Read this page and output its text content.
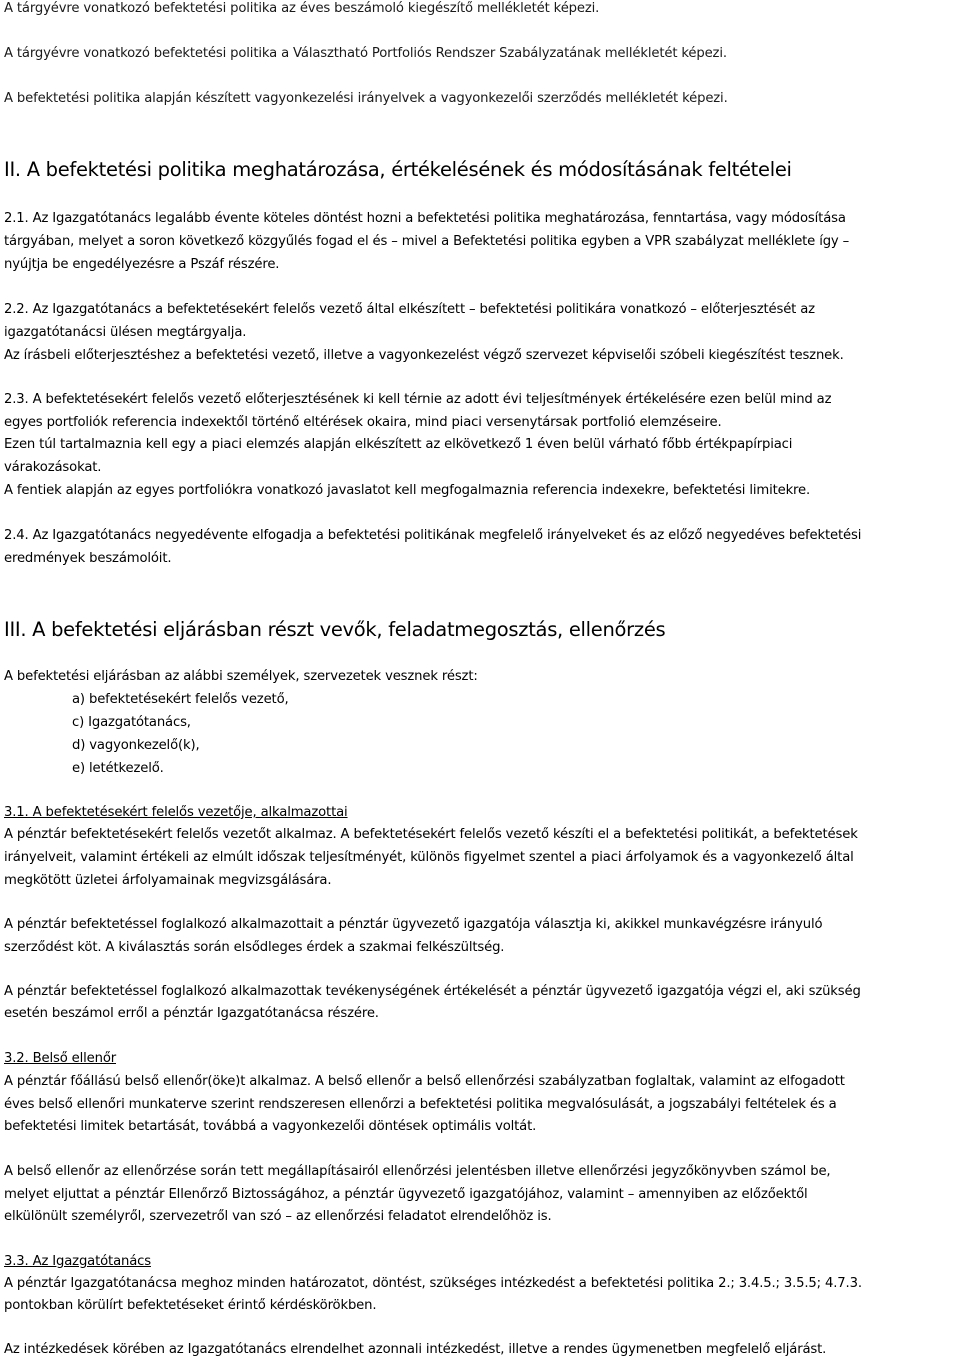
A tárgyévre vonatkozó befektetési politika az éves beszámoló kiegészítő mellékletét képezi.

A tárgyévre vonatkozó befektetési politika a Választható Portfoliós Rendszer Szabályzatának mellékletét képezi.

A befektetési politika alapján készített vagyonkezelési irányelvek a vagyonkezelői szerződés mellékletét képezi.

II. A befektetési politika meghatározása, értékelésének és módosításának feltételei

2.1. Az Igazgatótanács legalább évente köteles döntést hozni a befektetési politika meghatározása, fenntartása, vagy módosítása

tárgyában, melyet a soron következő közgyűlés fogad el és – mivel a Befektetési politika egyben a VPR szabályzat melléklete így –

nyújtja be engedélyezésre a Pszáf részére.

2.2. Az Igazgatótanács a befektetésekért felelős vezető által elkészített – befektetési politikára vonatkozó – előterjesztését az

igazgatótanácsi ülésen megtárgyalja.

Az írásbeli előterjesztéshez a befektetési vezető, illetve a vagyonkezelést végző szervezet képviselői szóbeli kiegészítést tesznek.

2.3. A befektetésekért felelős vezető előterjesztésének ki kell térnie az adott évi teljesítmények értékelésére ezen belül mind az

egyes portfoliók referencia indexektől történő eltérések okaira, mind piaci versenytársak portfolió elemzéseire.

Ezen túl tartalmaznia kell egy a piaci elemzés alapján elkészített az elkövetkező 1 éven belül várható főbb értékpapírpiaci

várakozásokat.

A fentiek alapján az egyes portfoliókra vonatkozó javaslatot kell megfogalmaznia referencia indexekre, befektetési limitekre.

2.4. Az Igazgatótanács negyedévente elfogadja a befektetési politikának megfelelő irányelveket és az előző negyedéves befektetési

eredmények beszámolóit.

III. A befektetési eljárásban részt vevők, feladatmegosztás, ellenőrzés

A befektetési eljárásban az alábbi személyek, szervezetek vesznek részt:

a) befektetésekért felelős vezető,

c) Igazgatótanács,

d) vagyonkezelő(k),

e) letétkezelő.

3.1. A befektetésekért felelős vezetője, alkalmazottai

A pénztár befektetésekért felelős vezetőt alkalmaz. A befektetésekért felelős vezető készíti el a befektetési politikát, a befektetések

irányelveit, valamint értékeli az elmúlt időszak teljesítményét, különös figyelmet szentel a piaci árfolyamok és a vagyonkezelő által

megkötött üzletei árfolyamainak megvizsgálására.

A pénztár befektetéssel foglalkozó alkalmazottait a pénztár ügyvezető igazgatója választja ki, akikkel munkavégzésre irányuló

szerződést köt. A kiválasztás során elsődleges érdek a szakmai felkészültség.

A pénztár befektetéssel foglalkozó alkalmazottak tevékenységének értékelését a pénztár ügyvezető igazgatója végzi el, aki szükség

esetén beszámol erről a pénztár Igazgatótanácsa részére.

3.2. Belső ellenőr

A pénztár főállású belső ellenőr(öke)t alkalmaz. A belső ellenőr a belső ellenőrzési szabályzatban foglaltak, valamint az elfogadott

éves belső ellenőri munkaterve szerint rendszeresen ellenőrzi a befektetési politika megvalósulását, a jogszabályi feltételek és a

befektetési limitek betartását, továbbá a vagyonkezelői döntések optimális voltát.

A belső ellenőr az ellenőrzése során tett megállapításairól ellenőrzési jelentésben illetve ellenőrzési jegyzőkönyvben számol be,

melyet eljuttat a pénztár Ellenőrző Biztosságához, a pénztár ügyvezető igazgatójához, valamint – amennyiben az előzőektől

elkülönült személyről, szervezetről van szó – az ellenőrzési feladatot elrendelőhöz is.

3.3. Az Igazgatótanács

A pénztár Igazgatótanácsa meghoz minden határozatot, döntést, szükséges intézkedést a befektetési politika 2.; 3.4.5.; 3.5.5; 4.7.3.

pontokban körülírt befektetéseket érintő kérdéskörökben.

Az intézkedések körében az Igazgatótanács elrendelhet azonnali intézkedést, illetve a rendes ügymenetben megfelelő eljárást.
